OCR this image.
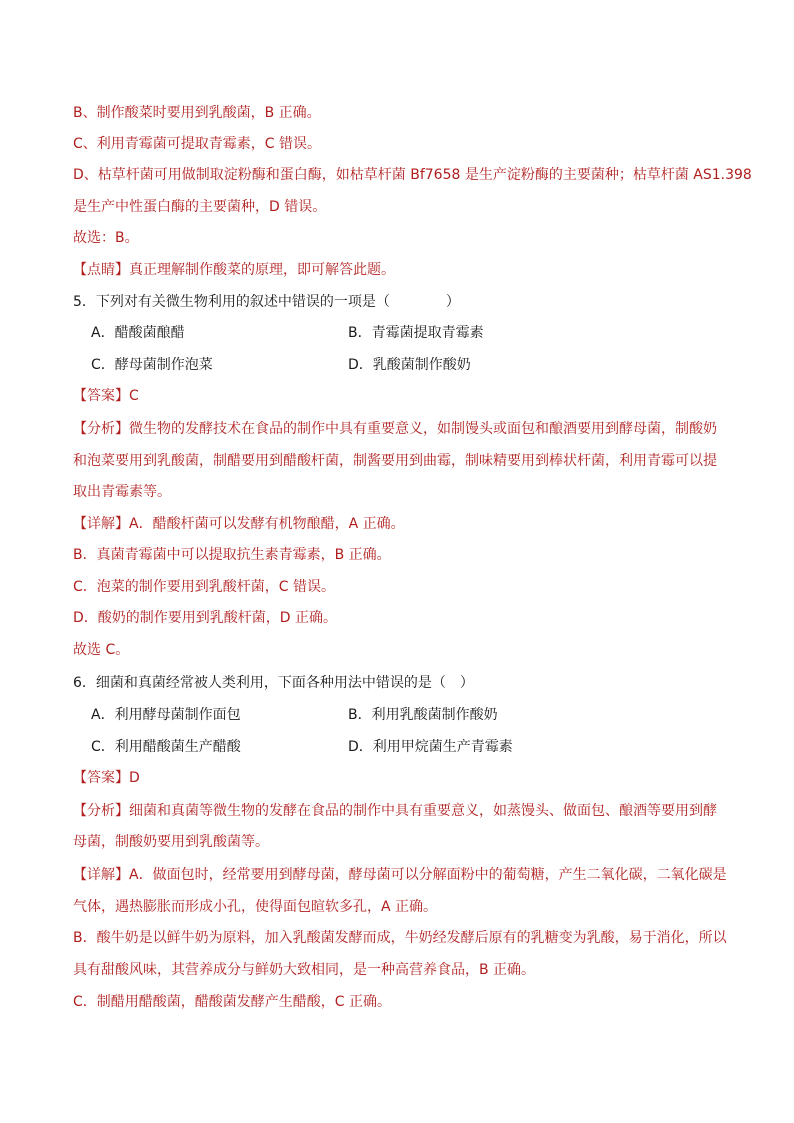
B、制作酸菜时要用到乳酸菌，B 正确。
C、利用青霉菌可提取青霉素，C 错误。
D、枯草杆菌可用做制取淀粉酶和蛋白酶，如枯草杆菌 Bf7658 是生产淀粉酶的主要菌种；枯草杆菌 AS1.398
是生产中性蛋白酶的主要菌种，D 错误。
故选：B。
【点睛】真正理解制作酸菜的原理，即可解答此题。
5．下列对有关微生物利用的叙述中错误的一项是（　　　　）
A．醋酸菌酿醋	B．青霉菌提取青霉素
C．酵母菌制作泡菜	D．乳酸菌制作酸奶
【答案】C
【分析】微生物的发酵技术在食品的制作中具有重要意义，如制馒头或面包和酿酒要用到酵母菌，制酸奶
和泡菜要用到乳酸菌，制醋要用到醋酸杆菌，制酱要用到曲霉，制味精要用到棒状杆菌，利用青霉可以提
取出青霉素等。
【详解】A．醋酸杆菌可以发酵有机物酿醋，A 正确。
B．真菌青霉菌中可以提取抗生素青霉素，B 正确。
C．泡菜的制作要用到乳酸杆菌，C 错误。
D．酸奶的制作要用到乳酸杆菌，D 正确。
故选 C。
6．细菌和真菌经常被人类利用，下面各种用法中错误的是（　）
A．利用酵母菌制作面包	B．利用乳酸菌制作酸奶
C．利用醋酸菌生产醋酸	D．利用甲烷菌生产青霉素
【答案】D
【分析】细菌和真菌等微生物的发酵在食品的制作中具有重要意义，如蒸馒头、做面包、酿酒等要用到酵
母菌，制酸奶要用到乳酸菌等。
【详解】A．做面包时，经常要用到酵母菌，酵母菌可以分解面粉中的葡萄糖，产生二氧化碳，二氧化碳是
气体，遇热膨胀而形成小孔，使得面包暄软多孔，A 正确。
B．酸牛奶是以鲜牛奶为原料，加入乳酸菌发酵而成，牛奶经发酵后原有的乳糖变为乳酸，易于消化，所以
具有甜酸风味，其营养成分与鲜奶大致相同，是一种高营养食品，B 正确。
C．制醋用醋酸菌，醋酸菌发酵产生醋酸，C 正确。
